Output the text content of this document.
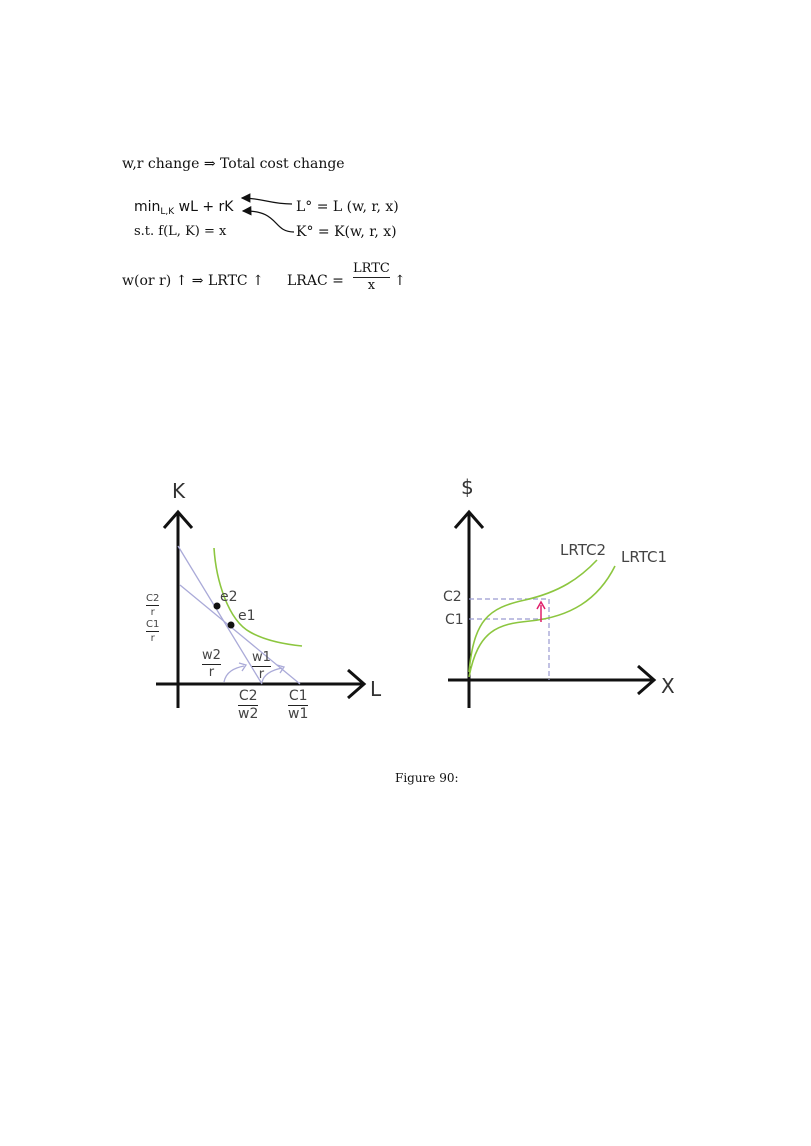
w,r change ⇒ Total cost change
$\min_{L,K}$ wL + rK
s.t. f(L, K) = x
L° = L (w, r, x)
K° = K(w, r, x)
w(or r) ↑ ⇒ LRTC ↑ LRAC =
LRTC
x ↑
K
L
e2
e1
C2
r
C1
r
w2
r
w1
r
C2
w2
C1
w1
$
X
C2
C1
LRTC2 LRTC1
Figure 90:
